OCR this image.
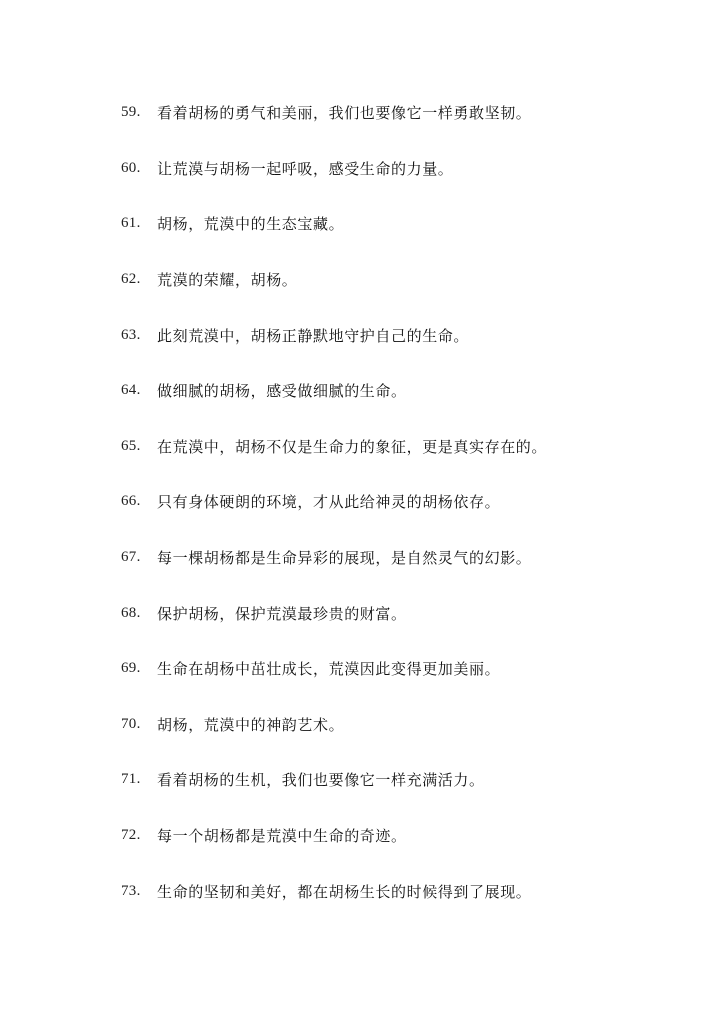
59.	看着胡杨的勇气和美丽，我们也要像它一样勇敢坚韧。
60.	让荒漠与胡杨一起呼吸，感受生命的力量。
61.	胡杨，荒漠中的生态宝藏。
62.	荒漠的荣耀，胡杨。
63.	此刻荒漠中，胡杨正静默地守护自己的生命。
64.	做细腻的胡杨，感受做细腻的生命。
65.	在荒漠中，胡杨不仅是生命力的象征，更是真实存在的。
66.	只有身体硬朗的环境，才从此给神灵的胡杨依存。
67.	每一棵胡杨都是生命异彩的展现，是自然灵气的幻影。
68.	保护胡杨，保护荒漠最珍贵的财富。
69.	生命在胡杨中茁壮成长，荒漠因此变得更加美丽。
70.	胡杨，荒漠中的神韵艺术。
71.	看着胡杨的生机，我们也要像它一样充满活力。
72.	每一个胡杨都是荒漠中生命的奇迹。
73.	生命的坚韧和美好，都在胡杨生长的时候得到了展现。
